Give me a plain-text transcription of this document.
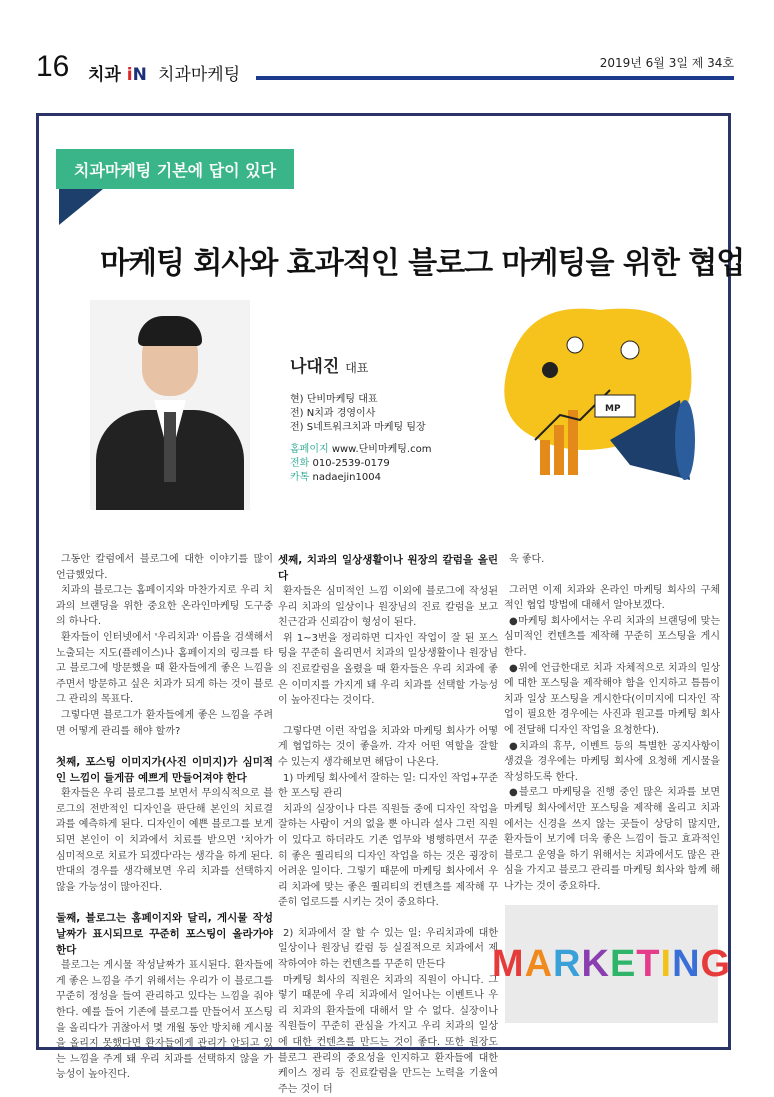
16 치과 iN 치과마케팅
2019년 6월 3일 제 34호
치과마케팅 기본에 답이 있다
마케팅 회사와 효과적인 블로그 마케팅을 위한 협업
나대진 대표
현) 단비마케팅 대표
전) N치과 경영이사
전) S네트워크치과 마케팅 팀장
홈페이지 www.단비마케팅.com
전화 010-2539-0179
카톡 nadaejin1004
MP

그동안 칼럼에서 블로그에 대한 이야기를 많이 언급했었다.

치과의 블로그는 홈페이지와 마찬가지로 우리 치과의 브랜딩을 위한 중요한 온라인마케팅 도구중의 하나다.

환자들이 인터넷에서 '우리치과' 이름을 검색해서 노출되는 지도(플레이스)나 홈페이지의 링크를 타고 블로그에 방문했을 때 환자들에게 좋은 느낌을 주면서 방문하고 싶은 치과가 되게 하는 것이 블로그 관리의 목표다.

그렇다면 블로그가 환자들에게 좋은 느낌을 주려면 어떻게 관리를 해야 할까?

첫째, 포스팅 이미지가(사진 이미지)가 심미적인 느낌이 들게끔 예쁘게 만들어져야 한다

환자들은 우리 블로그를 보면서 무의식적으로 블로그의 전반적인 디자인을 판단해 본인의 치료결과를 예측하게 된다. 디자인이 예쁜 블로그를 보게 되면 본인이 이 치과에서 치료를 받으면 '치아가 심미적으로 치료가 되겠다'라는 생각을 하게 된다. 반대의 경우를 생각해보면 우리 치과를 선택하지 않을 가능성이 많아진다.

둘째, 블로그는 홈페이지와 달리, 게시물 작성날짜가 표시되므로 꾸준히 포스팅이 올라가야 한다

블로그는 게시물 작성날짜가 표시된다. 환자들에게 좋은 느낌을 주기 위해서는 우리가 이 블로그를 꾸준히 정성을 들여 관리하고 있다는 느낌을 줘야 한다. 예를 들어 기존에 블로그를 만들어서 포스팅을 올리다가 귀찮아서 몇 개월 동안 방치해 게시물을 올리지 못했다면 환자들에게 관리가 안되고 있는 느낌을 주게 돼 우리 치과를 선택하지 않을 가능성이 높아진다.

셋째, 치과의 일상생활이나 원장의 칼럼을 올린다

환자들은 심미적인 느낌 이외에 블로그에 작성된 우리 치과의 일상이나 원장님의 진료 칼럼을 보고 친근감과 신뢰감이 형성이 된다.

위 1~3번을 정리하면 디자인 작업이 잘 된 포스팅을 꾸준히 올리면서 치과의 일상생활이나 원장님의 진료칼럼을 올렸을 때 환자들은 우리 치과에 좋은 이미지를 가지게 돼 우리 치과를 선택할 가능성이 높아진다는 것이다.

그렇다면 이런 작업을 치과와 마케팅 회사가 어떻게 협업하는 것이 좋을까. 각자 어떤 역할을 잘할 수 있는지 생각해보면 해답이 나온다.

1) 마케팅 회사에서 잘하는 일: 디자인 작업+꾸준한 포스팅 관리

치과의 실장이나 다른 직원들 중에 디자인 작업을 잘하는 사람이 거의 없을 뿐 아니라 설사 그런 직원이 있다고 하더라도 기존 업무와 병행하면서 꾸준히 좋은 퀄리티의 디자인 작업을 하는 것은 굉장히 어려운 일이다. 그렇기 때문에 마케팅 회사에서 우리 치과에 맞는 좋은 퀄리티의 컨텐츠를 제작해 꾸준히 업로드를 시키는 것이 중요하다.

2) 치과에서 잘 할 수 있는 일: 우리치과에 대한 일상이나 원장님 칼럼 등 실질적으로 치과에서 제작하여야 하는 컨텐츠를 꾸준히 만든다

마케팅 회사의 직원은 치과의 직원이 아니다. 그렇기 때문에 우리 치과에서 일어나는 이벤트나 우리 치과의 환자들에 대해서 알 수 없다. 실장이나 직원들이 꾸준히 관심을 가지고 우리 치과의 일상에 대한 컨텐츠를 만드는 것이 좋다. 또한 원장도 블로그 관리의 중요성을 인지하고 환자들에 대한 케이스 정리 등 진료칼럼을 만드는 노력을 기울여주는 것이 더

욱 좋다.

그러면 이제 치과와 온라인 마케팅 회사의 구체적인 협업 방법에 대해서 알아보겠다.

●마케팅 회사에서는 우리 치과의 브랜딩에 맞는 심미적인 컨텐츠를 제작해 꾸준히 포스팅을 게시한다.

●위에 언급한대로 치과 자체적으로 치과의 일상에 대한 포스팅을 제작해야 함을 인지하고 틈틈이 치과 일상 포스팅을 게시한다(이미지에 디자인 작업이 필요한 경우에는 사진과 원고를 마케팅 회사에 전달해 디자인 작업을 요청한다).

●치과의 휴무, 이벤트 등의 특별한 공지사항이 생겼을 경우에는 마케팅 회사에 요청해 게시물을 작성하도록 한다.

●블로그 마케팅을 진행 중인 많은 치과를 보면 마케팅 회사에서만 포스팅을 제작해 올리고 치과에서는 신경을 쓰지 않는 곳들이 상당히 많지만, 환자들이 보기에 더욱 좋은 느낌이 들고 효과적인 블로그 운영을 하기 위해서는 치과에서도 많은 관심을 가지고 블로그 관리를 마케팅 회사와 함께 해나가는 것이 중요하다.

M A R K E T I N G
